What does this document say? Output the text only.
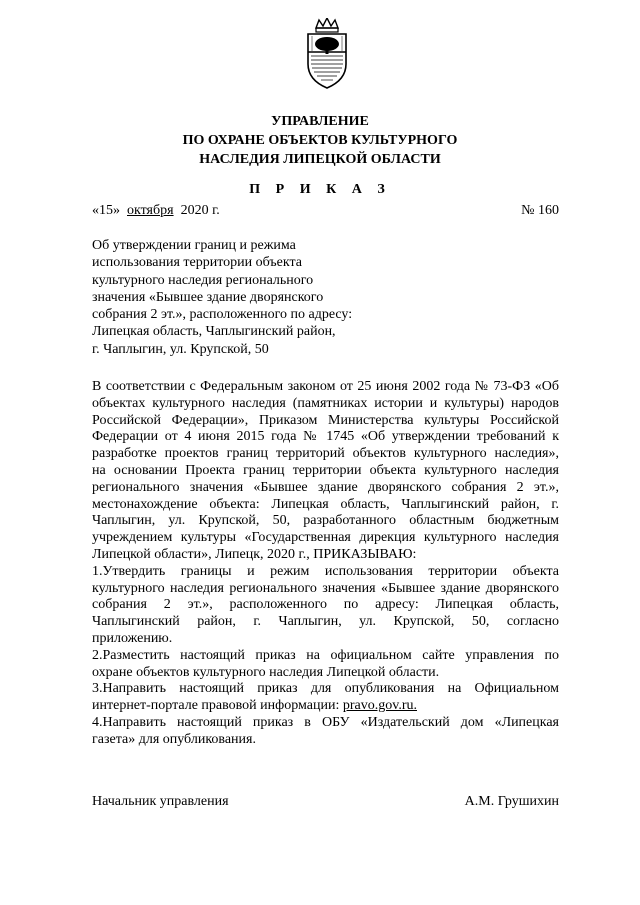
УПРАВЛЕНИЕ
ПО ОХРАНЕ ОБЪЕКТОВ КУЛЬТУРНОГО
НАСЛЕДИЯ ЛИПЕЦКОЙ ОБЛАСТИ
П Р И К А З
«15» октября 2020 г.	№ 160
Об утверждении границ и режима
использования территории объекта
культурного наследия регионального
значения «Бывшее здание дворянского
собрания 2 эт.», расположенного по адресу:
Липецкая область, Чаплыгинский район,
г. Чаплыгин, ул. Крупской, 50
В соответствии с Федеральным законом от 25 июня 2002 года № 73-ФЗ «Об
объектах культурного наследия (памятниках истории и культуры) народов
Российской Федерации», Приказом Министерства культуры Российской
Федерации от 4 июня 2015 года № 1745 «Об утверждении требований к
разработке проектов границ территорий объектов культурного наследия»,
на основании Проекта границ территории объекта культурного наследия
регионального значения «Бывшее здание дворянского собрания 2 эт.»,
местонахождение объекта: Липецкая область, Чаплыгинский район, г.
Чаплыгин, ул. Крупской, 50, разработанного областным бюджетным
учреждением культуры «Государственная дирекция культурного наследия
Липецкой области», Липецк, 2020 г., ПРИКАЗЫВАЮ:
1.Утвердить границы и режим использования территории объекта
культурного наследия регионального значения «Бывшее здание дворянского
собрания 2 эт.», расположенного по адресу: Липецкая область,
Чаплыгинский район, г. Чаплыгин, ул. Крупской, 50, согласно
приложению.
2.Разместить настоящий приказ на официальном сайте управления по
охране объектов культурного наследия Липецкой области.
3.Направить настоящий приказ для опубликования на Официальном
интернет-портале правовой информации: pravo.gov.ru.
4.Направить настоящий приказ в ОБУ «Издательский дом «Липецкая
газета» для опубликования.
Начальник управления	А.М. Грушихин
